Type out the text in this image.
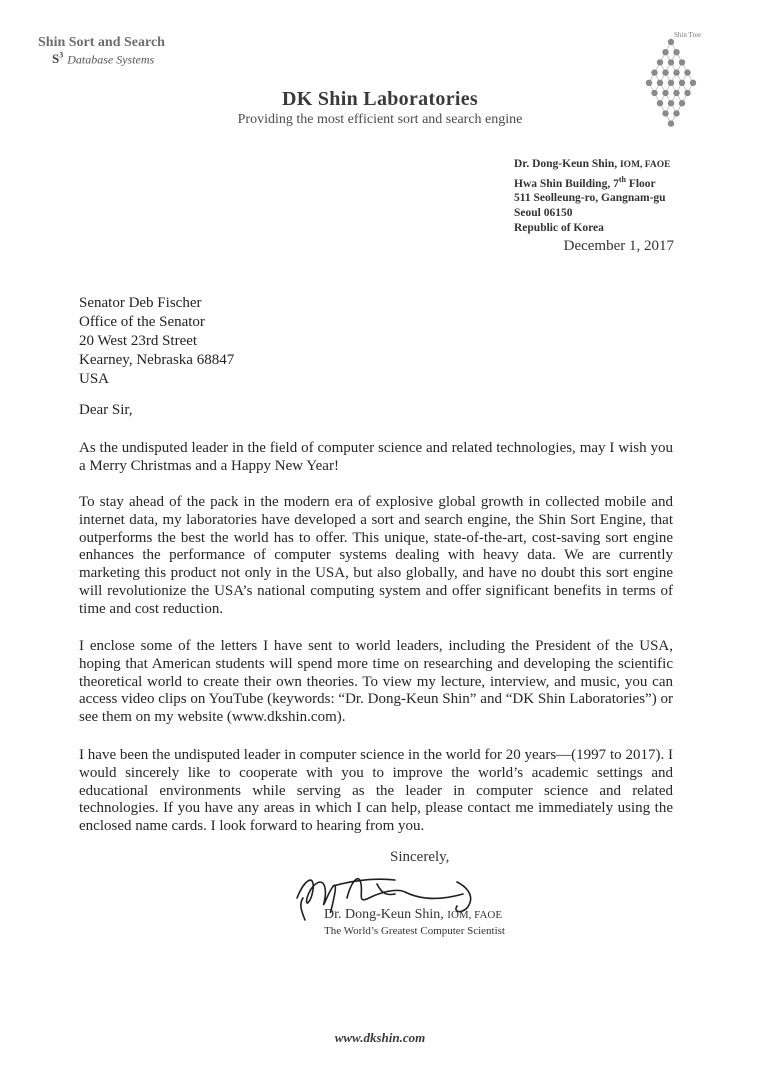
Shin Sort and Search
$S^3$ Database Systems
Shin Tree
DK Shin Laboratories
Providing the most efficient sort and search engine
Dr. Dong-Keun Shin, IOM, FAOE
Hwa Shin Building, 7th Floor
511 Seolleung-ro, Gangnam-gu
Seoul 06150
Republic of Korea
December 1, 2017
Senator Deb Fischer
Office of the Senator
20 West 23rd Street
Kearney, Nebraska 68847
USA
Dear Sir,
As the undisputed leader in the field of computer science and related technologies, may I wish you a Merry Christmas and a Happy New Year!
To stay ahead of the pack in the modern era of explosive global growth in collected mobile and internet data, my laboratories have developed a sort and search engine, the Shin Sort Engine, that outperforms the best the world has to offer. This unique, state-of-the-art, cost-saving sort engine enhances the performance of computer systems dealing with heavy data. We are currently marketing this product not only in the USA, but also globally, and have no doubt this sort engine will revolutionize the USA’s national computing system and offer significant benefits in terms of time and cost reduction.
I enclose some of the letters I have sent to world leaders, including the President of the USA, hoping that American students will spend more time on researching and developing the scientific theoretical world to create their own theories. To view my lecture, interview, and music, you can access video clips on YouTube (keywords: “Dr. Dong-Keun Shin” and “DK Shin Laboratories”) or see them on my website (www.dkshin.com).
I have been the undisputed leader in computer science in the world for 20 years—(1997 to 2017). I would sincerely like to cooperate with you to improve the world’s academic settings and educational environments while serving as the leader in computer science and related technologies. If you have any areas in which I can help, please contact me immediately using the enclosed name cards. I look forward to hearing from you.
Sincerely,
Dr. Dong-Keun Shin, IOM, FAOE
The World’s Greatest Computer Scientist
www.dkshin.com
